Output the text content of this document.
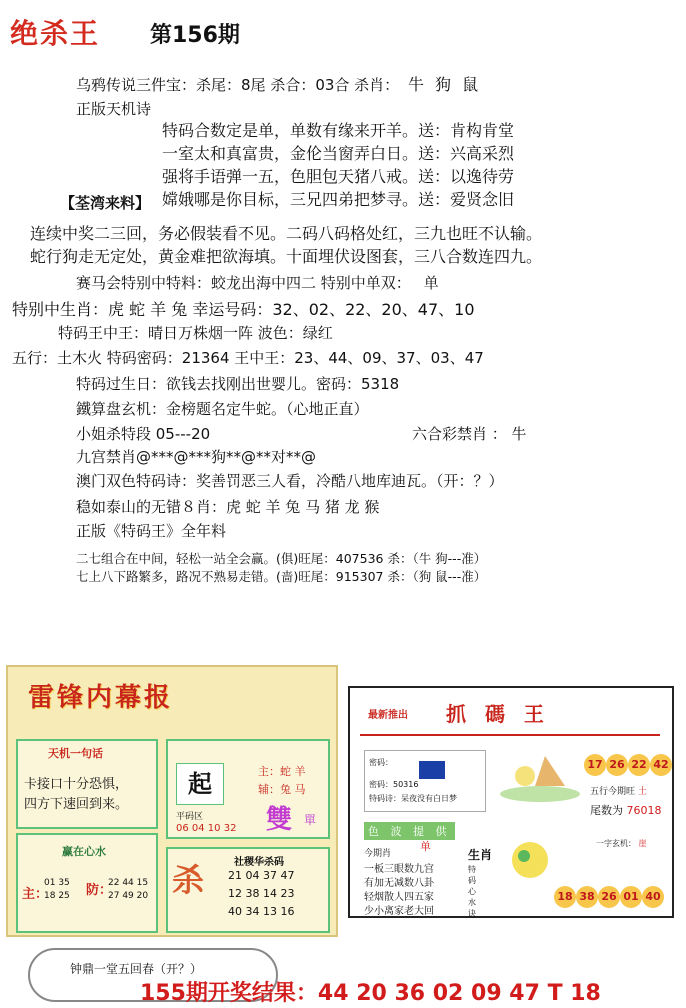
绝杀王 第156期
乌鸦传说三件宝：杀尾：8尾 杀合：03合 杀肖： 牛 狗 鼠
正版天机诗
特码合数定是单，单数有缘来开羊。送：肯构肯堂
一室太和真富贵，金伦当窗弄白日。送：兴高采烈
强将手语弹一五，色胆包天猪八戒。送：以逸待劳
嫦娥哪是你目标，三兄四弟把梦寻。送：爱贤念旧
【荃湾来料】
连续中奖二三回，务必假装看不见。二码八码格处红，三九也旺不认输。
蛇行狗走无定处，黄金难把欲海填。十面埋伏设图套，三八合数连四九。
赛马会特别中特料：蛟龙出海中四二 特别中单双： 单
特别中生肖：虎 蛇 羊 兔 幸运号码：32、02、22、20、47、10
特码王中王：晴日万株烟一阵 波色：绿红
五行：土木火 特码密码：21364 王中王：23、44、09、37、03、47
特码过生日：欲钱去找刚出世婴儿。密码：5318
鐵算盘玄机：金榜题名定牛蛇。（心地正直）
小姐杀特段 05---20	六合彩禁肖 ： 牛
九宫禁肖@***@***狗**@**对**@
澳门双色特码诗：奖善罚恶三人看，冷酷八地库迪瓦。（开：？）
稳如泰山的无错８肖：虎 蛇 羊 兔 马 猪 龙 猴
正版《特码王》全年料
二七组合在中间，轻松一站全会赢。(俱)旺尾：407536 杀：（牛 狗---准）
七上八下路繁多，路况不熟易走错。(啬)旺尾：915307 杀：（狗 鼠---准）
雷锋内幕报
天机一句话
卡接口十分恐惧，
四方下速回到来。
起	主：蛇 羊
辅：兔 马
平码区
06 04 10 32 雙 單
赢在心水
主：
01 35
18 25 防：
22 44 15
27 49 20 杀	社稷华杀码
21 04 37 47
12 38 14 23
40 34 13 16
最新推出 抓 碼 王
密码：
密码：50316
特码诗：呆夜没有白日梦
17 26 22 42
五行今期旺 土
尾数为 76018
一字玄机： 崖
色 波 提 供
单
今期肖
一板三眼数九宫
有加无减数八卦
轻烟散人四五家
少小离家老大回
生肖
特码心水诀
18 38 26 01 40
钟鼎一堂五回春（开？）
155期开奖结果：44 20 36 02 09 47 T 18
